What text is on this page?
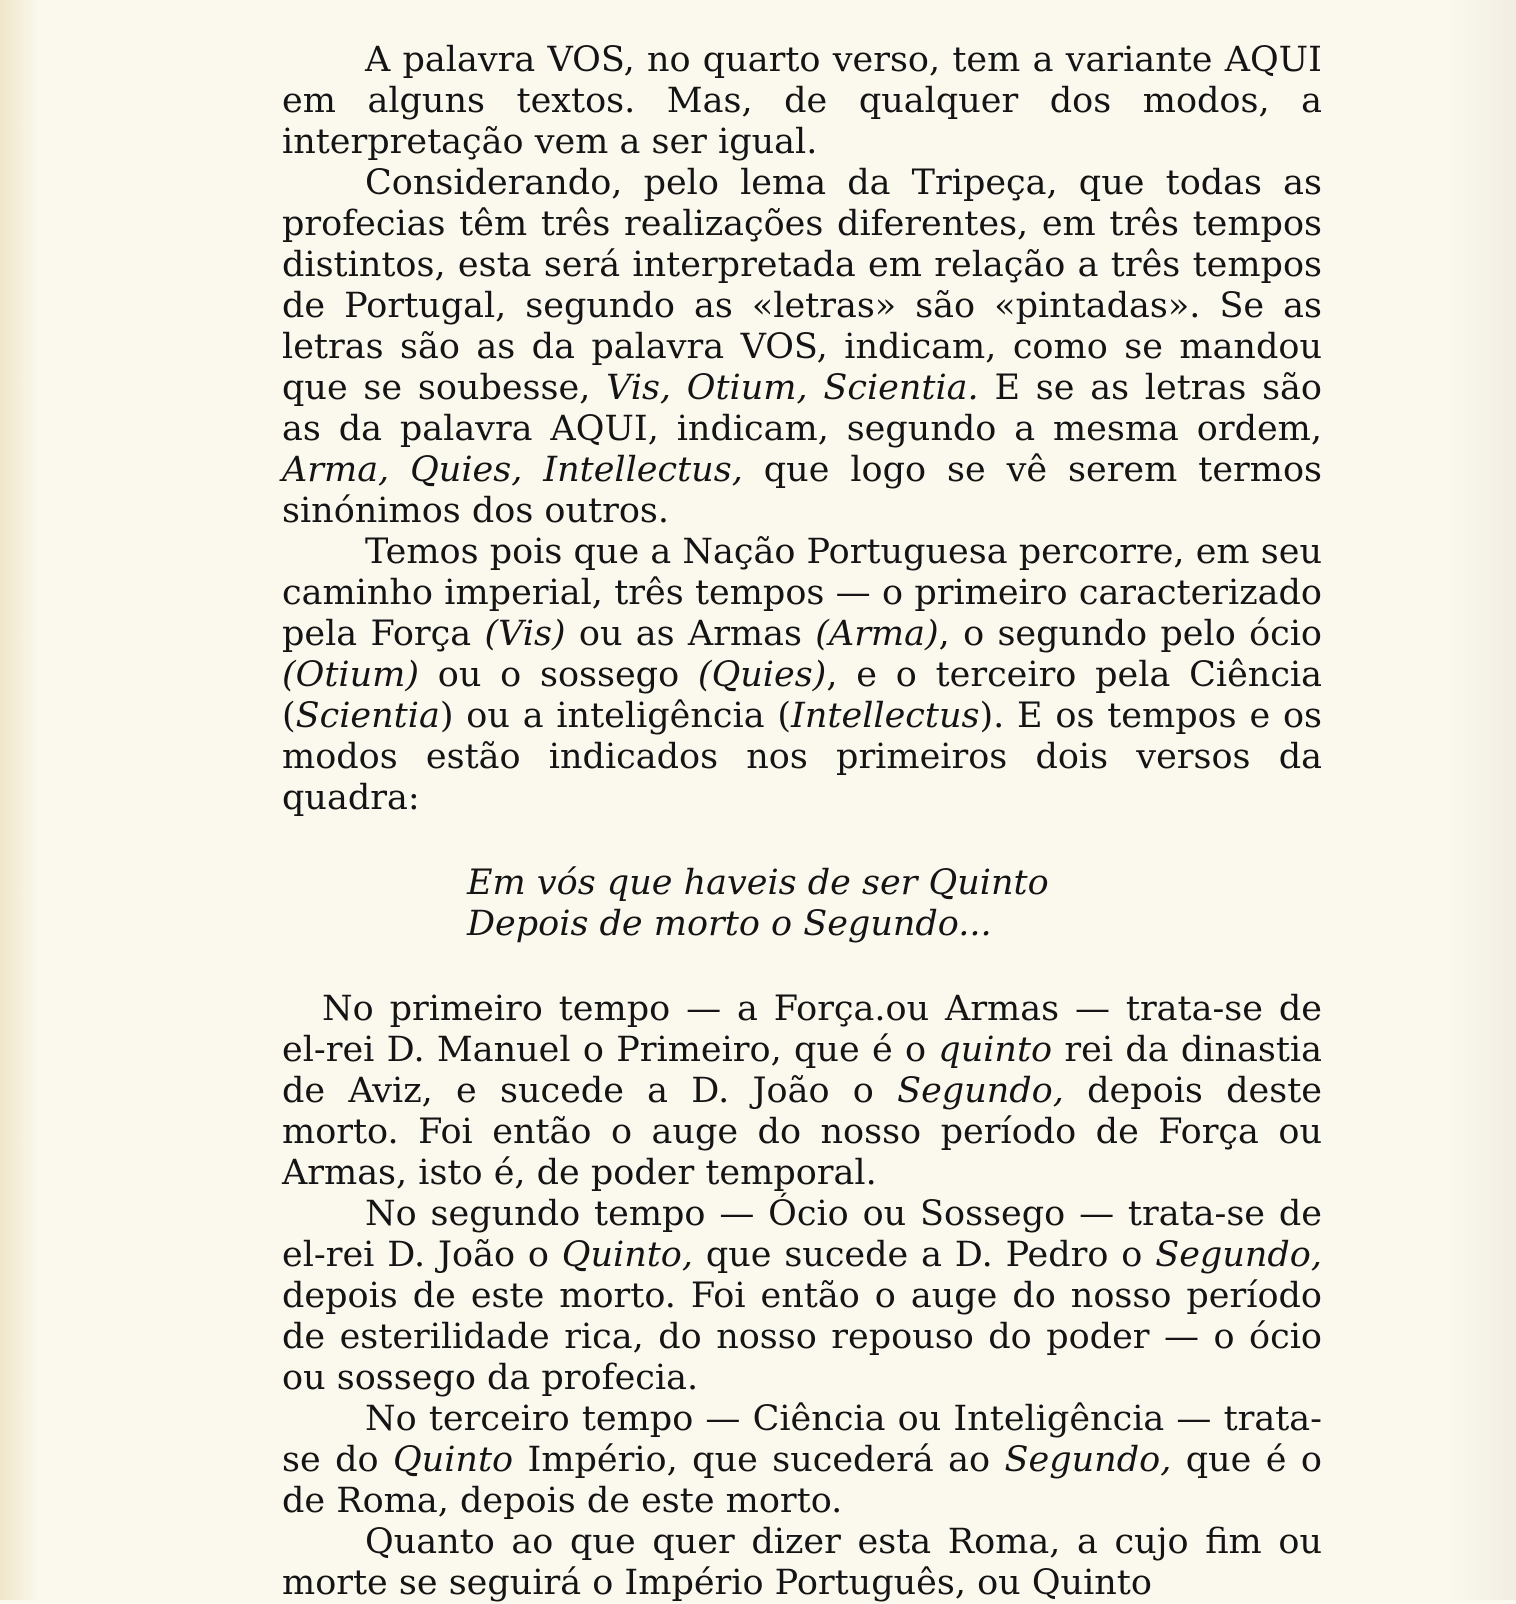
A palavra VOS, no quarto verso, tem a variante AQUI em alguns textos. Mas, de qualquer dos modos, a interpretação vem a ser igual.

Considerando, pelo lema da Tripeça, que todas as profecias têm três realizações diferentes, em três tempos distintos, esta será interpretada em relação a três tempos de Portugal, segundo as «letras» são «pintadas». Se as letras são as da palavra VOS, indicam, como se mandou que se soubesse, Vis, Otium, Scientia. E se as letras são as da palavra AQUI, indicam, segundo a mesma ordem, Arma, Quies, Intellectus, que logo se vê serem termos sinónimos dos outros.

Temos pois que a Nação Portuguesa percorre, em seu caminho imperial, três tempos — o primeiro caracterizado pela Força (Vis) ou as Armas (Arma), o segundo pelo ócio (Otium) ou o sossego (Quies), e o terceiro pela Ciência (Scientia) ou a inteligência (Intellectus). E os tempos e os modos estão indicados nos primeiros dois versos da quadra:

Em vós que haveis de ser Quinto
Depois de morto o Segundo...

No primeiro tempo — a Força.ou Armas — trata-se de el-rei D. Manuel o Primeiro, que é o quinto rei da dinastia de Aviz, e sucede a D. João o Segundo, depois deste morto. Foi então o auge do nosso período de Força ou Armas, isto é, de poder temporal.

No segundo tempo — Ócio ou Sossego — trata-se de el-rei D. João o Quinto, que sucede a D. Pedro o Segundo, depois de este morto. Foi então o auge do nosso período de esterilidade rica, do nosso repouso do poder — o ócio ou sossego da profecia.

No terceiro tempo — Ciência ou Inteligência — trata-se do Quinto Império, que sucederá ao Segundo, que é o de Roma, depois de este morto.

Quanto ao que quer dizer esta Roma, a cujo fim ou morte se seguirá o Império Português, ou Quinto
